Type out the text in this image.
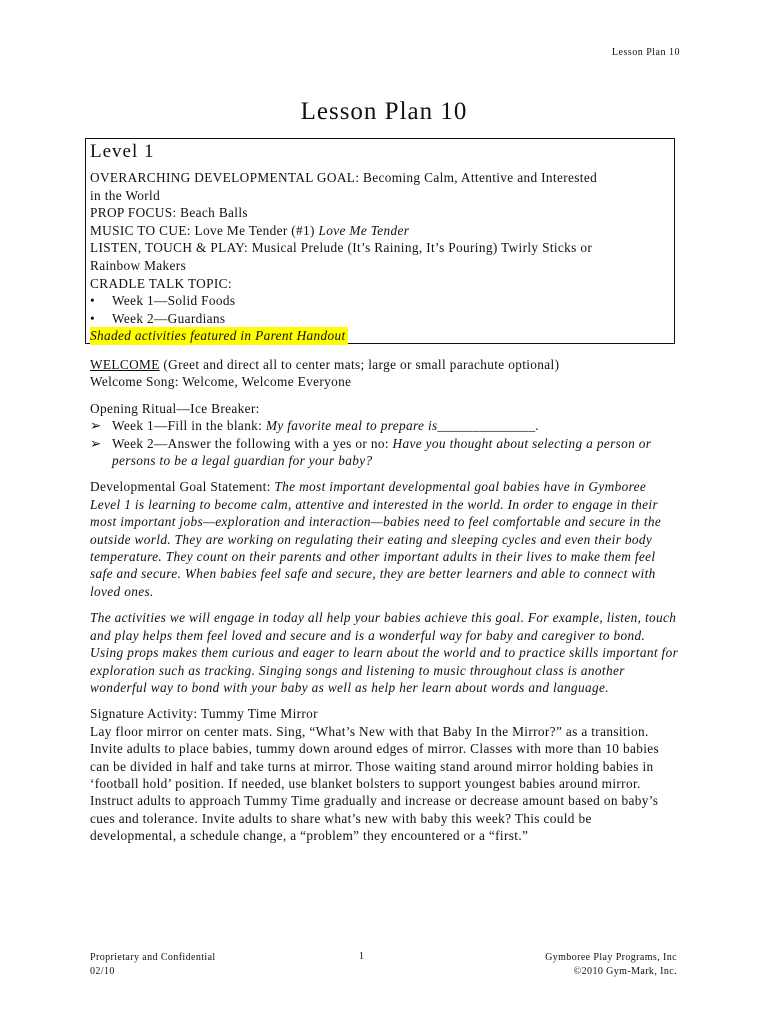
Lesson Plan 10
Lesson Plan 10
Level 1
OVERARCHING DEVELOPMENTAL GOAL: Becoming Calm, Attentive and Interested
in the World
PROP FOCUS: Beach Balls
MUSIC TO CUE: Love Me Tender (#1) Love Me Tender
LISTEN, TOUCH & PLAY: Musical Prelude (It’s Raining, It’s Pouring) Twirly Sticks or
Rainbow Makers
CRADLE TALK TOPIC:
•	Week 1—Solid Foods
•	Week 2—Guardians
Shaded activities featured in Parent Handout
WELCOME (Greet and direct all to center mats; large or small parachute optional)
Welcome Song: Welcome, Welcome Everyone
Opening Ritual—Ice Breaker:
➢ Week 1—Fill in the blank: My favorite meal to prepare is______________.
➢ Week 2—Answer the following with a yes or no: Have you thought about selecting a person or persons to be a legal guardian for your baby?
Developmental Goal Statement: The most important developmental goal babies have in Gymboree Level 1 is learning to become calm, attentive and interested in the world. In order to engage in their most important jobs—exploration and interaction—babies need to feel comfortable and secure in the outside world. They are working on regulating their eating and sleeping cycles and even their body temperature. They count on their parents and other important adults in their lives to make them feel safe and secure. When babies feel safe and secure, they are better learners and able to connect with loved ones.
The activities we will engage in today all help your babies achieve this goal. For example, listen, touch and play helps them feel loved and secure and is a wonderful way for baby and caregiver to bond. Using props makes them curious and eager to learn about the world and to practice skills important for exploration such as tracking. Singing songs and listening to music throughout class is another wonderful way to bond with your baby as well as help her learn about words and language.
Signature Activity: Tummy Time Mirror
Lay floor mirror on center mats. Sing, “What’s New with that Baby In the Mirror?” as a transition. Invite adults to place babies, tummy down around edges of mirror. Classes with more than 10 babies can be divided in half and take turns at mirror. Those waiting stand around mirror holding babies in ‘football hold’ position. If needed, use blanket bolsters to support youngest babies around mirror. Instruct adults to approach Tummy Time gradually and increase or decrease amount based on baby’s cues and tolerance. Invite adults to share what’s new with baby this week? This could be developmental, a schedule change, a “problem” they encountered or a “first.”
Proprietary and Confidential
02/10
1	Gymboree Play Programs, Inc
©2010 Gym-Mark, Inc.
